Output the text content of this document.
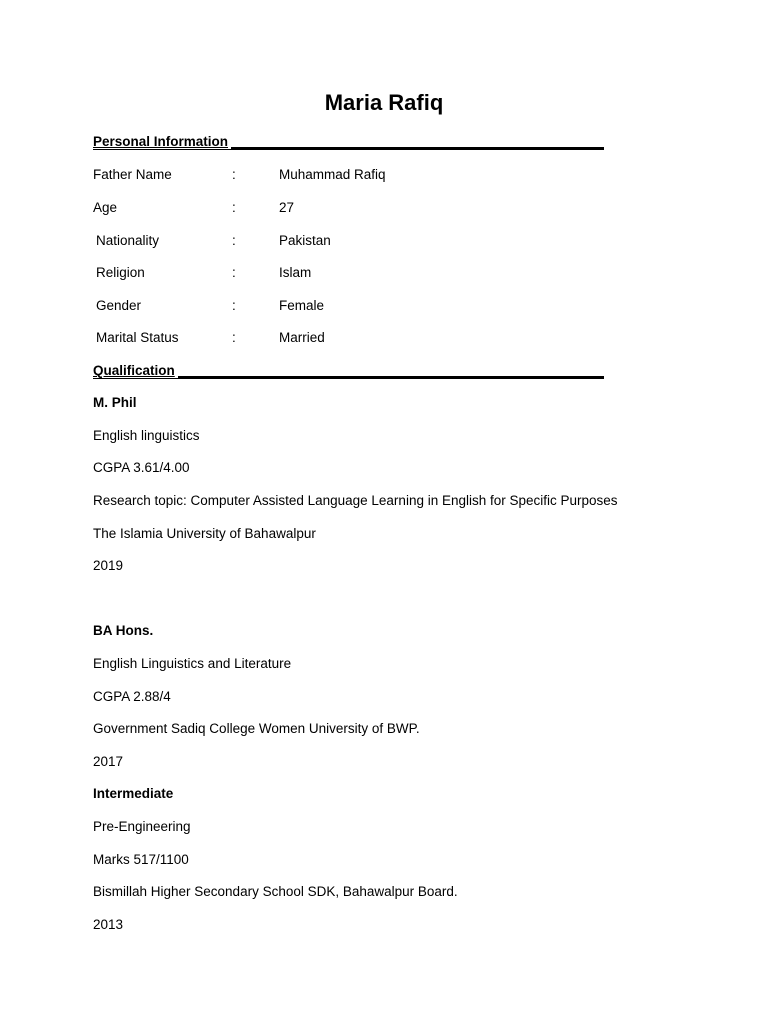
Maria Rafiq
Personal Information
Father Name	:	Muhammad Rafiq
Age	:	27
Nationality	:	Pakistan
Religion	:	Islam
Gender	:	Female
Marital Status	:	Married
Qualification
M. Phil
English linguistics
CGPA 3.61/4.00
Research topic: Computer Assisted Language Learning in English for Specific Purposes
The Islamia University of Bahawalpur
2019
BA Hons.
English Linguistics and Literature
CGPA 2.88/4
Government Sadiq College Women University of BWP.
2017
Intermediate
Pre-Engineering
Marks 517/1100
Bismillah Higher Secondary School SDK, Bahawalpur Board.
2013
